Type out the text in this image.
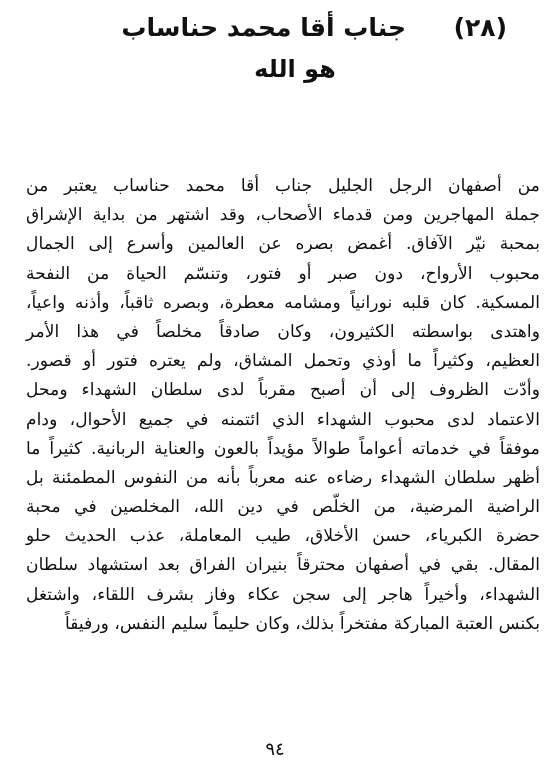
(٢٨)
جناب أقا محمد حناساب
هو الله
من أصفهان الرجل الجليل جناب أقا محمد حناساب يعتبر من
جملة المهاجرين ومن قدماء الأصحاب، وقد اشتهر من بداية الإشراق
بمحبة نيّر الآفاق. أغمض بصره عن العالمين وأسرع إلى الجمال
محبوب الأرواح، دون صبر أو فتور، وتنسّم الحياة من النفحة
المسكية. كان قلبه نورانياً ومشامه معطرة، وبصره ثاقباً، وأذنه واعياً،
واهتدى بواسطته الكثيرون، وكان صادقاً مخلصاً في هذا الأمر
العظيم، وكثيراً ما أوذي وتحمل المشاق، ولم يعتره فتور أو قصور.
وأدّت الظروف إلى أن أصبح مقرباً لدى سلطان الشهداء ومحل
الاعتماد لدى محبوب الشهداء الذي ائتمنه في جميع الأحوال، ودام
موفقاً في خدماته أعواماً طوالاً مؤيداً بالعون والعناية الربانية. كثيراً ما
أظهر سلطان الشهداء رضاءه عنه معرباً بأنه من النفوس المطمئنة بل
الراضية المرضية، من الخلّص في دين الله، المخلصين في محبة
حضرة الكبرياء، حسن الأخلاق، طيب المعاملة، عذب الحديث حلو
المقال. بقي في أصفهان محترقاً بنيران الفراق بعد استشهاد سلطان
الشهداء، وأخيراً هاجر إلى سجن عكاء وفاز بشرف اللقاء، واشتغل
بكنس العتبة المباركة مفتخراً بذلك، وكان حليماً سليم النفس، ورفيقاً
٩٤
